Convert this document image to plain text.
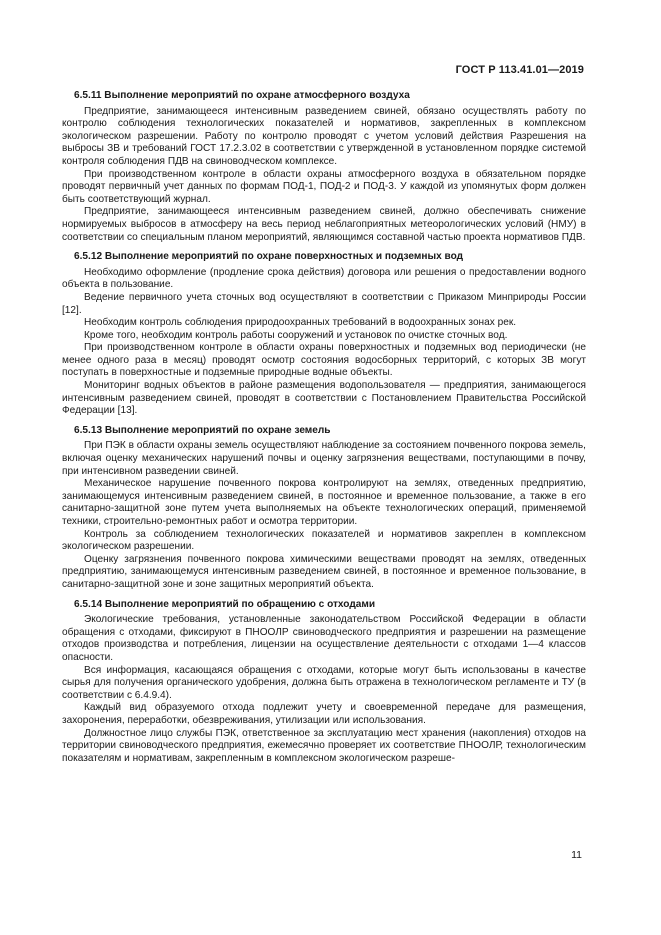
ГОСТ Р 113.41.01—2019

6.5.11 Выполнение мероприятий по охране атмосферного воздуха

Предприятие, занимающееся интенсивным разведением свиней, обязано осуществлять работу по контролю соблюдения технологических показателей и нормативов, закрепленных в комплексном экологическом разрешении. Работу по контролю проводят с учетом условий действия Разрешения на выбросы ЗВ и требований ГОСТ 17.2.3.02 в соответствии с утвержденной в установленном порядке системой контроля соблюдения ПДВ на свиноводческом комплексе.

При производственном контроле в области охраны атмосферного воздуха в обязательном порядке проводят первичный учет данных по формам ПОД-1, ПОД-2 и ПОД-3. У каждой из упомянутых форм должен быть соответствующий журнал.

Предприятие, занимающееся интенсивным разведением свиней, должно обеспечивать снижение нормируемых выбросов в атмосферу на весь период неблагоприятных метеорологических условий (НМУ) в соответствии со специальным планом мероприятий, являющимся составной частью проекта нормативов ПДВ.

6.5.12 Выполнение мероприятий по охране поверхностных и подземных вод

Необходимо оформление (продление срока действия) договора или решения о предоставлении водного объекта в пользование.

Ведение первичного учета сточных вод осуществляют в соответствии с Приказом Минприроды России [12].

Необходим контроль соблюдения природоохранных требований в водоохранных зонах рек.

Кроме того, необходим контроль работы сооружений и установок по очистке сточных вод.

При производственном контроле в области охраны поверхностных и подземных вод периодически (не менее одного раза в месяц) проводят осмотр состояния водосборных территорий, с которых ЗВ могут поступать в поверхностные и подземные природные водные объекты.

Мониторинг водных объектов в районе размещения водопользователя — предприятия, занимающегося интенсивным разведением свиней, проводят в соответствии с Постановлением Правительства Российской Федерации [13].

6.5.13 Выполнение мероприятий по охране земель

При ПЭК в области охраны земель осуществляют наблюдение за состоянием почвенного покрова земель, включая оценку механических нарушений почвы и оценку загрязнения веществами, поступающими в почву, при интенсивном разведении свиней.

Механическое нарушение почвенного покрова контролируют на землях, отведенных предприятию, занимающемуся интенсивным разведением свиней, в постоянное и временное пользование, а также в его санитарно-защитной зоне путем учета выполняемых на объекте технологических операций, применяемой техники, строительно-ремонтных работ и осмотра территории.

Контроль за соблюдением технологических показателей и нормативов закреплен в комплексном экологическом разрешении.

Оценку загрязнения почвенного покрова химическими веществами проводят на землях, отведенных предприятию, занимающемуся интенсивным разведением свиней, в постоянное и временное пользование, в санитарно-защитной зоне и зоне защитных мероприятий объекта.

6.5.14 Выполнение мероприятий по обращению с отходами

Экологические требования, установленные законодательством Российской Федерации в области обращения с отходами, фиксируют в ПНООЛР свиноводческого предприятия и разрешении на размещение отходов производства и потребления, лицензии на осуществление деятельности с отходами 1—4 классов опасности.

Вся информация, касающаяся обращения с отходами, которые могут быть использованы в качестве сырья для получения органического удобрения, должна быть отражена в технологическом регламенте и ТУ (в соответствии с 6.4.9.4).

Каждый вид образуемого отхода подлежит учету и своевременной передаче для размещения, захоронения, переработки, обезвреживания, утилизации или использования.

Должностное лицо службы ПЭК, ответственное за эксплуатацию мест хранения (накопления) отходов на территории свиноводческого предприятия, ежемесячно проверяет их соответствие ПНООЛР, технологическим показателям и нормативам, закрепленным в комплексном экологическом разреше-

11
